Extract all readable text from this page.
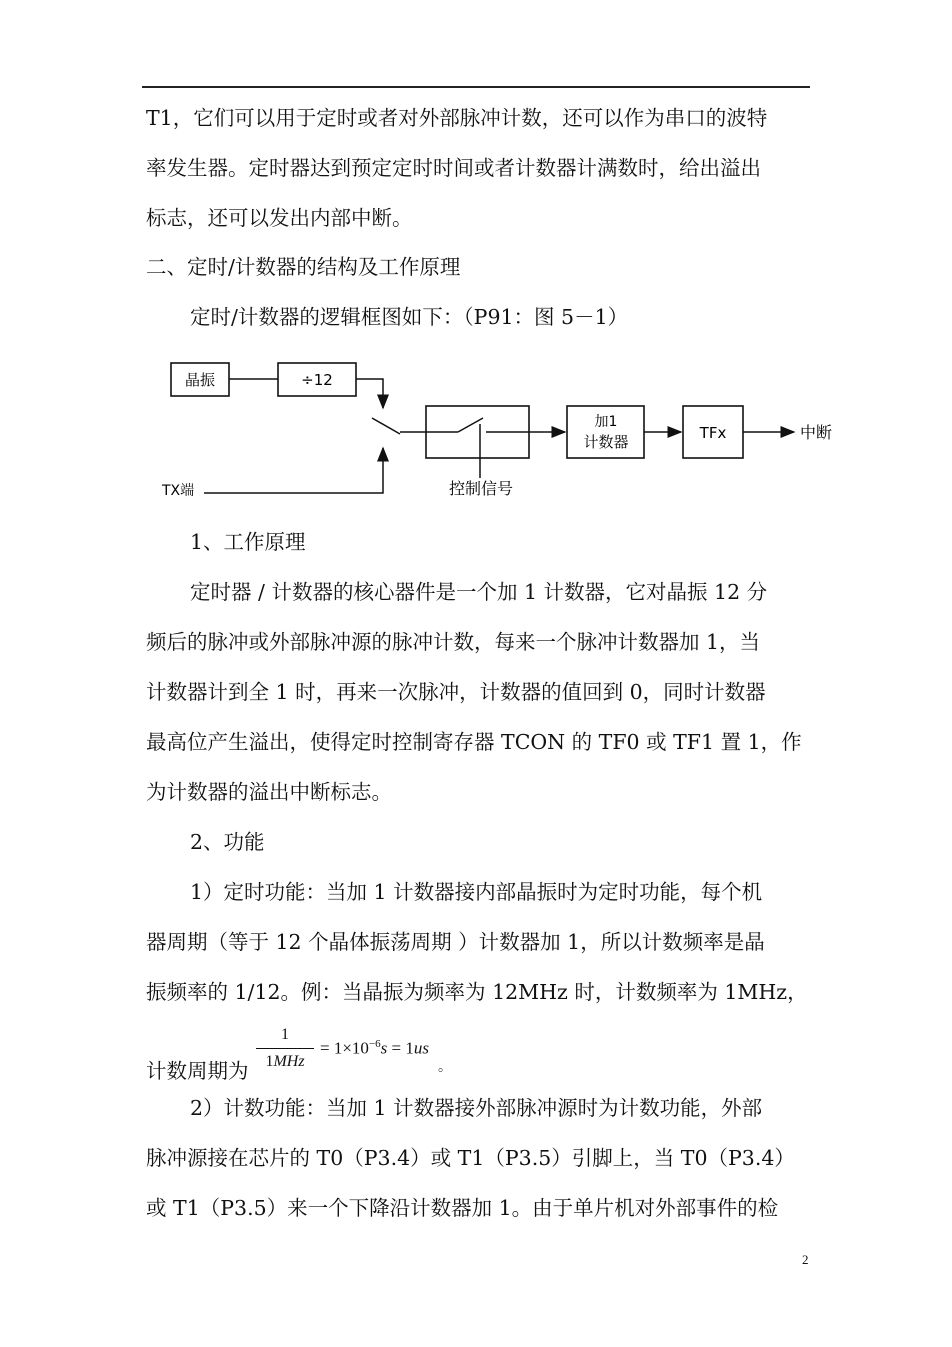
T1，它们可以用于定时或者对外部脉冲计数，还可以作为串口的波特
率发生器。定时器达到预定定时时间或者计数器计满数时，给出溢出
标志，还可以发出内部中断。
二、定时/计数器的结构及工作原理
定时/计数器的逻辑框图如下：（P91：图 5－1）
晶振	÷12
TX端	控制信号
加1
计数器	TFx	中断
1、工作原理
定时器 / 计数器的核心器件是一个加 1 计数器，它对晶振 12 分
频后的脉冲或外部脉冲源的脉冲计数，每来一个脉冲计数器加 1，当
计数器计到全 1 时，再来一次脉冲，计数器的值回到 0，同时计数器
最高位产生溢出，使得定时控制寄存器 TCON 的 TF0 或 TF1 置 1，作
为计数器的溢出中断标志。
2、功能
1）定时功能：当加 1 计数器接内部晶振时为定时功能，每个机
器周期（等于 12 个晶体振荡周期 ）计数器加 1，所以计数频率是晶
振频率的 1/12。例：当晶振为频率为 12MHz 时，计数频率为 1MHz，
计数周期为
1
1MHz
= $1\times 10^{-6}s = 1us$
。
2）计数功能：当加 1 计数器接外部脉冲源时为计数功能，外部
脉冲源接在芯片的 T0（P3.4）或 T1（P3.5）引脚上，当 T0（P3.4）
或 T1（P3.5）来一个下降沿计数器加 1。由于单片机对外部事件的检
2
